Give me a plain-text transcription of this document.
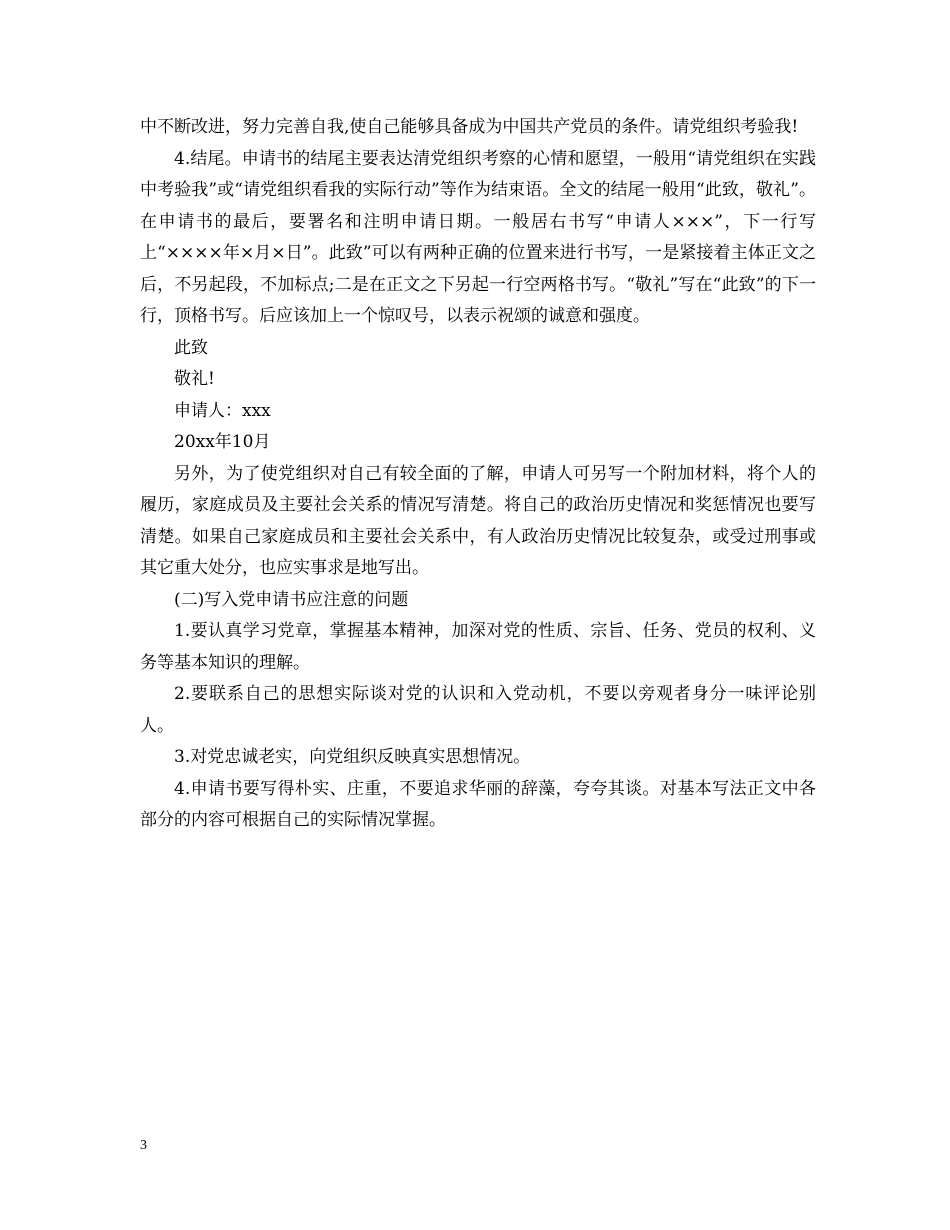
中不断改进，努力完善自我,使自己能够具备成为中国共产党员的条件。请党组织考验我!

4.结尾。申请书的结尾主要表达清党组织考察的心情和愿望，一般用“请党组织在实践中考验我”或“请党组织看我的实际行动”等作为结束语。全文的结尾一般用“此致，敬礼”。在申请书的最后，要署名和注明申请日期。一般居右书写“申请人×××”，下一行写上“××××年×月×日”。此致”可以有两种正确的位置来进行书写，一是紧接着主体正文之后，不另起段，不加标点;二是在正文之下另起一行空两格书写。“敬礼”写在“此致”的下一行，顶格书写。后应该加上一个惊叹号，以表示祝颂的诚意和强度。

此致

敬礼!

申请人：xxx

20xx年10月

另外，为了使党组织对自己有较全面的了解，申请人可另写一个附加材料，将个人的履历，家庭成员及主要社会关系的情况写清楚。将自己的政治历史情况和奖惩情况也要写清楚。如果自己家庭成员和主要社会关系中，有人政治历史情况比较复杂，或受过刑事或其它重大处分，也应实事求是地写出。

(二)写入党申请书应注意的问题

1.要认真学习党章，掌握基本精神，加深对党的性质、宗旨、任务、党员的权利、义务等基本知识的理解。

2.要联系自己的思想实际谈对党的认识和入党动机，不要以旁观者身分一味评论别人。

3.对党忠诚老实，向党组织反映真实思想情况。

4.申请书要写得朴实、庄重，不要追求华丽的辞藻，夸夸其谈。对基本写法正文中各部分的内容可根据自己的实际情况掌握。

3
